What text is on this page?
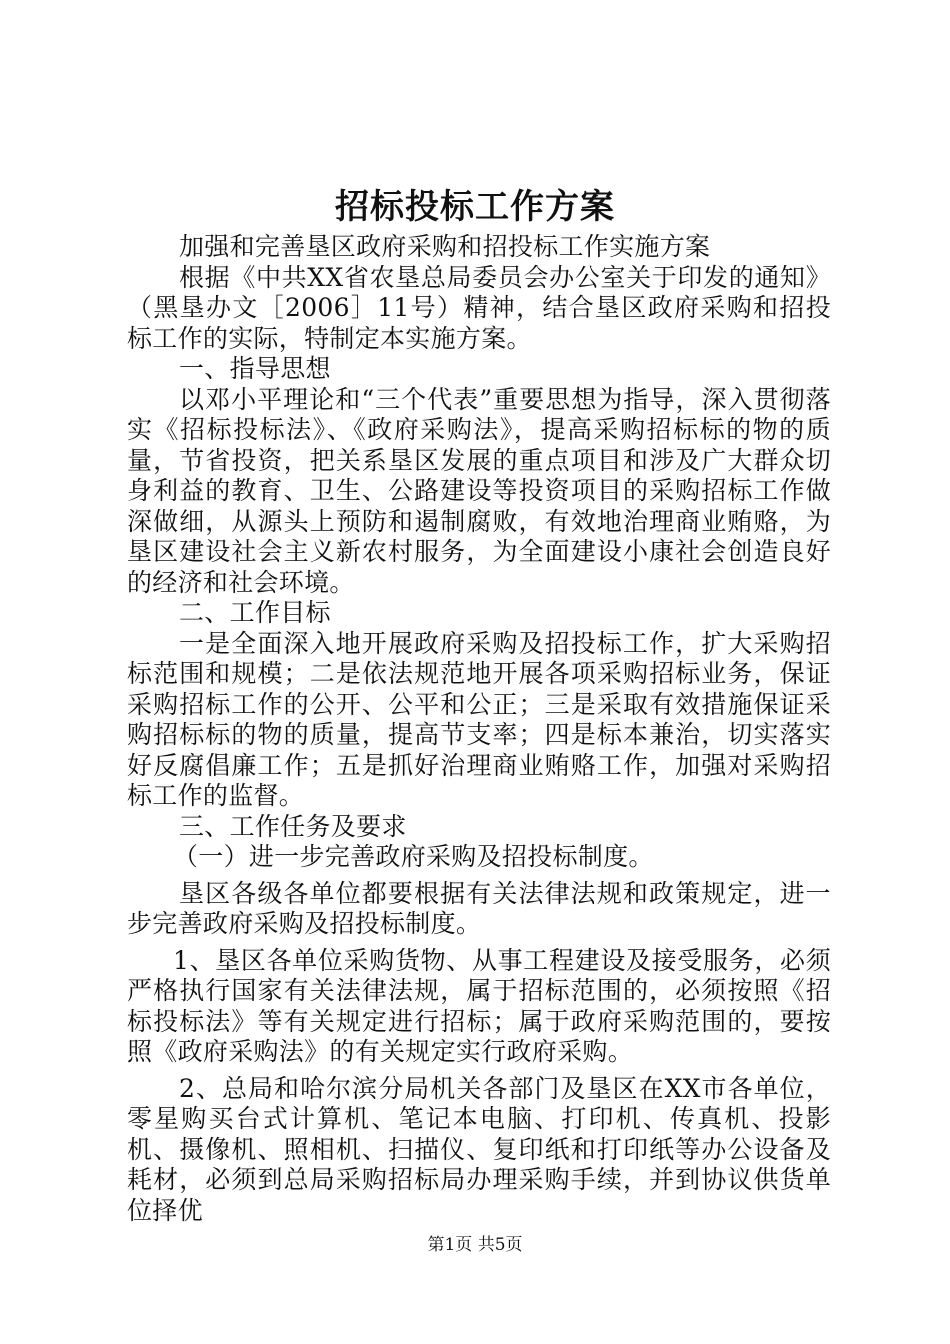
招标投标工作方案

加强和完善垦区政府采购和招投标工作实施方案

根据《中共XX省农垦总局委员会办公室关于印发的通知》（黑垦办文［2006］11号）精神，结合垦区政府采购和招投标工作的实际，特制定本实施方案。

一、指导思想

以邓小平理论和“三个代表”重要思想为指导，深入贯彻落实《招标投标法》、《政府采购法》，提高采购招标标的物的质量，节省投资，把关系垦区发展的重点项目和涉及广大群众切身利益的教育、卫生、公路建设等投资项目的采购招标工作做深做细，从源头上预防和遏制腐败，有效地治理商业贿赂，为垦区建设社会主义新农村服务，为全面建设小康社会创造良好的经济和社会环境。

二、工作目标

一是全面深入地开展政府采购及招投标工作，扩大采购招标范围和规模；二是依法规范地开展各项采购招标业务，保证采购招标工作的公开、公平和公正；三是采取有效措施保证采购招标标的物的质量，提高节支率；四是标本兼治，切实落实好反腐倡廉工作；五是抓好治理商业贿赂工作，加强对采购招标工作的监督。

三、工作任务及要求

（一）进一步完善政府采购及招投标制度。

垦区各级各单位都要根据有关法律法规和政策规定，进一步完善政府采购及招投标制度。

1、垦区各单位采购货物、从事工程建设及接受服务，必须严格执行国家有关法律法规，属于招标范围的，必须按照《招标投标法》等有关规定进行招标；属于政府采购范围的，要按照《政府采购法》的有关规定实行政府采购。

2、总局和哈尔滨分局机关各部门及垦区在XX市各单位，零星购买台式计算机、笔记本电脑、打印机、传真机、投影机、摄像机、照相机、扫描仪、复印纸和打印纸等办公设备及耗材，必须到总局采购招标局办理采购手续，并到协议供货单位择优

第1页 共5页
